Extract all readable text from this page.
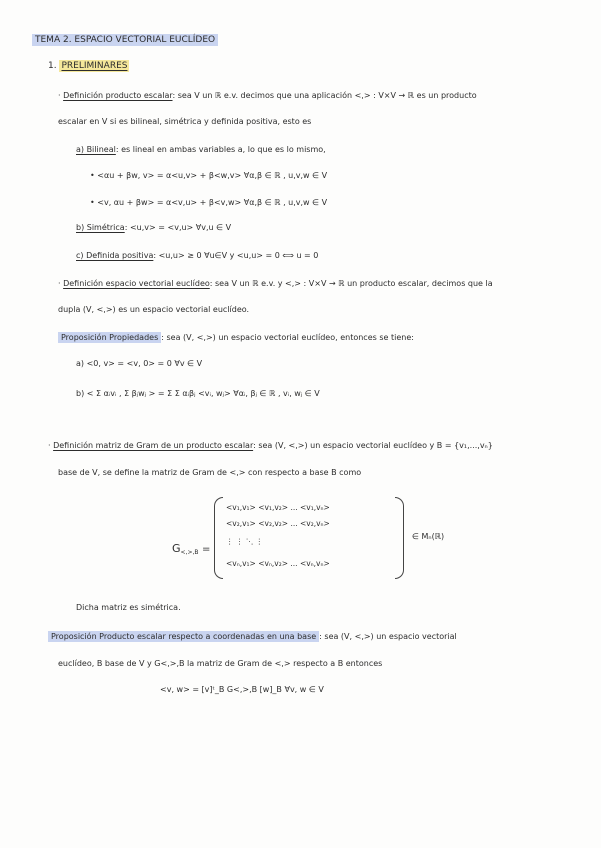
TEMA 2. ESPACIO VECTORIAL EUCLÍDEO
1. PRELIMINARES
· Definición producto escalar: sea V un ℝ e.v. decimos que una aplicación <,> : V×V → ℝ es un producto
escalar en V si es bilineal, simétrica y definida positiva, esto es
a) Bilineal: es lineal en ambas variables a, lo que es lo mismo,
• <αu + βw, v> = α<u,v> + β<w,v> ∀α,β ∈ ℝ , u,v,w ∈ V
• <v, αu + βw> = α<v,u> + β<v,w> ∀α,β ∈ ℝ , u,v,w ∈ V
b) Simétrica: <u,v> = <v,u> ∀v,u ∈ V
c) Definida positiva: <u,u> ≥ 0 ∀u∈V y <u,u> = 0 ⟺ u = 0
· Definición espacio vectorial euclídeo: sea V un ℝ e.v. y <,> : V×V → ℝ un producto escalar, decimos que la
dupla (V, <,>) es un espacio vectorial euclídeo.
Proposición Propiedades : sea (V, <,>) un espacio vectorial euclídeo, entonces se tiene:
a) <0, v> = <v, 0> = 0 ∀v ∈ V
b) < Σ αᵢvᵢ , Σ βⱼwⱼ > = Σ Σ αᵢβⱼ <vᵢ, wⱼ> ∀αᵢ, βⱼ ∈ ℝ , vᵢ, wⱼ ∈ V
· Definición matriz de Gram de un producto escalar: sea (V, <,>) un espacio vectorial euclídeo y B = {v₁,...,vₙ}
base de V, se define la matriz de Gram de <,> con respecto a base B como
$G_{<,>,B}$ =
<v₁,v₁> <v₁,v₂> ... <v₁,vₙ>
<v₂,v₁> <v₂,v₂> ... <v₂,vₙ>
⋮ ⋮ ⋱ ⋮
<vₙ,v₁> <vₙ,v₂> ... <vₙ,vₙ>
∈ Mₙ(ℝ)
Dicha matriz es simétrica.
Proposición Producto escalar respecto a coordenadas en una base : sea (V, <,>) un espacio vectorial
euclídeo, B base de V y G<,>,B la matriz de Gram de <,> respecto a B entonces
<v, w> = [v]ᵗ_B G<,>,B [w]_B ∀v, w ∈ V
